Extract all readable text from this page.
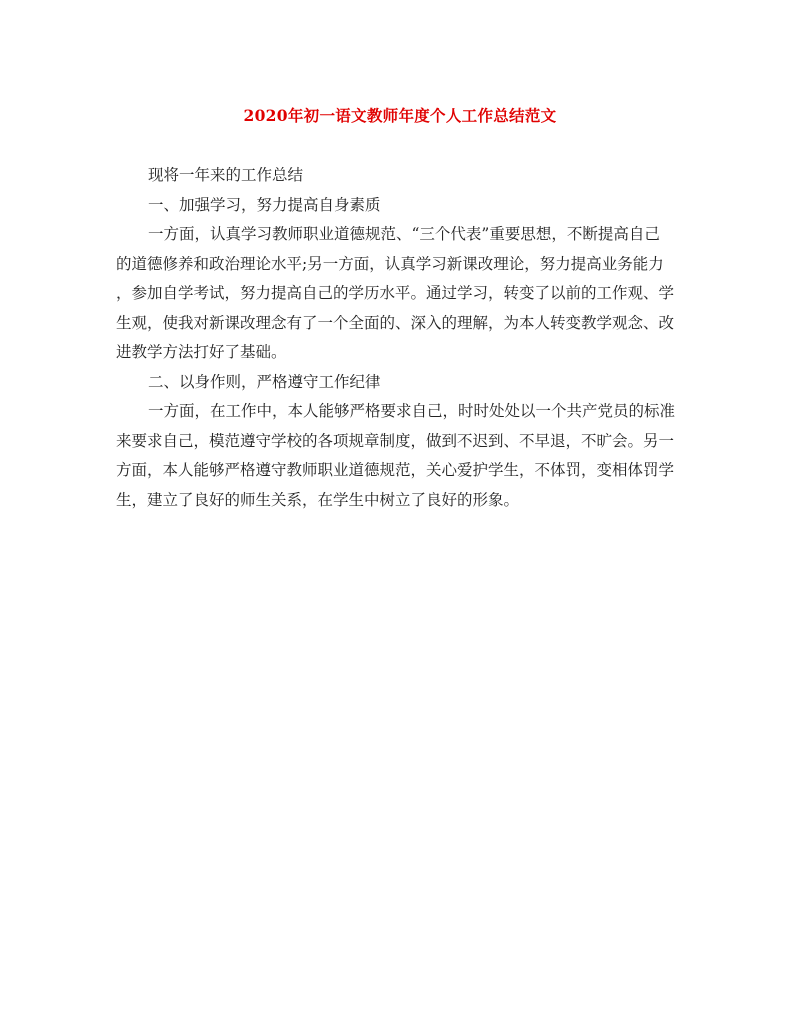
2020年初一语文教师年度个人工作总结范文
现将一年来的工作总结
一、加强学习，努力提高自身素质
一方面，认真学习教师职业道德规范、“三个代表”重要思想，不断提高自己
的道德修养和政治理论水平;另一方面，认真学习新课改理论，努力提高业务能力
，参加自学考试，努力提高自己的学历水平。通过学习，转变了以前的工作观、学
生观，使我对新课改理念有了一个全面的、深入的理解，为本人转变教学观念、改
进教学方法打好了基础。
二、以身作则，严格遵守工作纪律
一方面，在工作中，本人能够严格要求自己，时时处处以一个共产党员的标准
来要求自己，模范遵守学校的各项规章制度，做到不迟到、不早退，不旷会。另一
方面，本人能够严格遵守教师职业道德规范，关心爱护学生，不体罚，变相体罚学
生，建立了良好的师生关系，在学生中树立了良好的形象。
